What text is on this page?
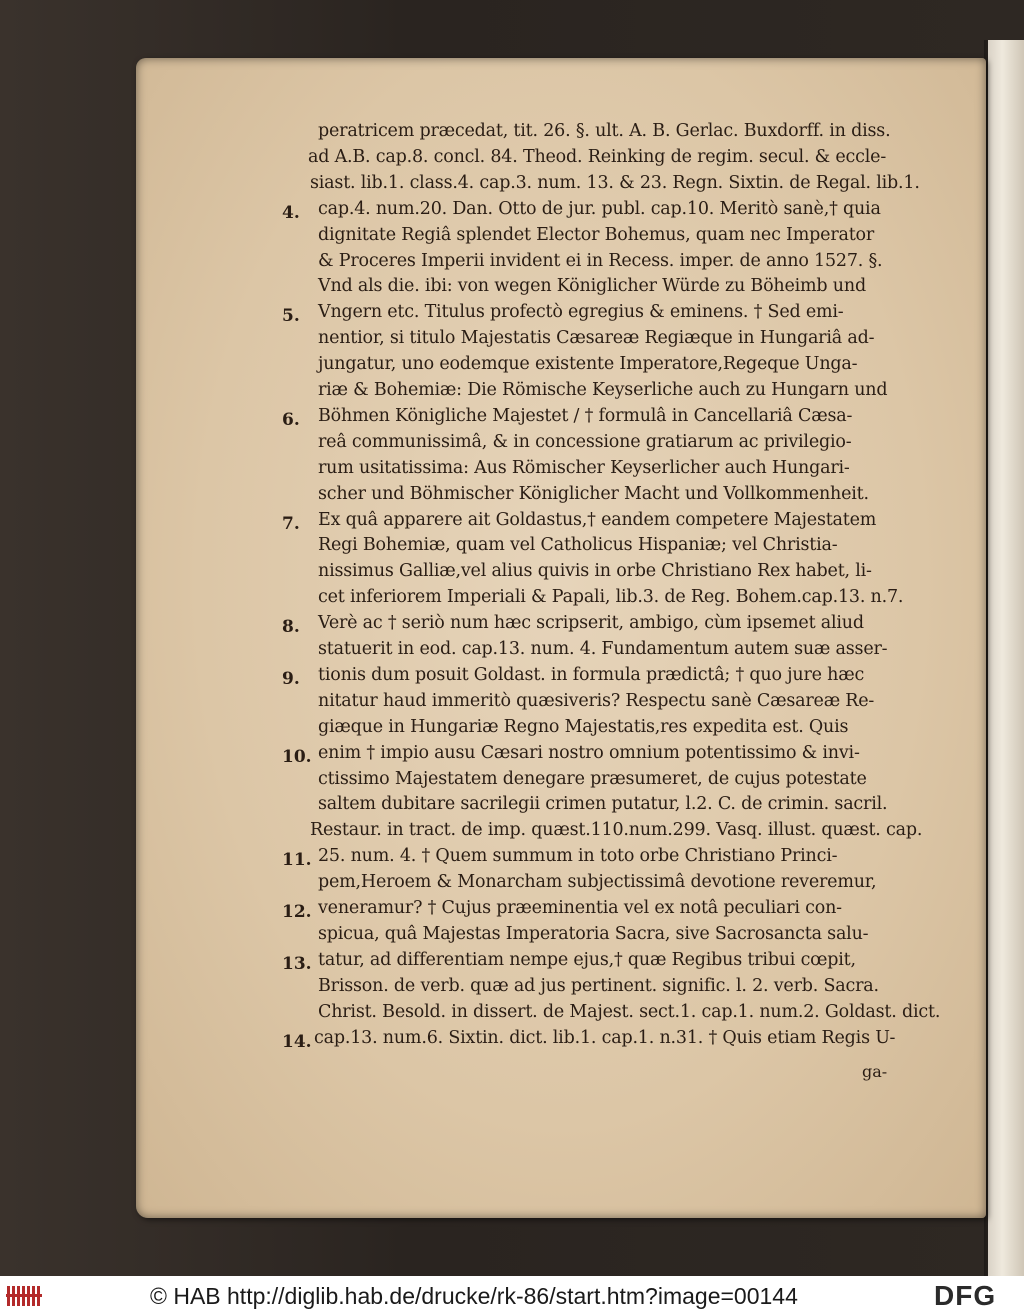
4.
5.
6.
7.
8.
9.
10.
11.
12.
13.
14.
peratricem præcedat, tit. 26. §. ult. A. B. Gerlac. Buxdorff. in diss.
ad A.B. cap.8. concl. 84. Theod. Reinking de regim. secul. & eccle-
siast. lib.1. class.4. cap.3. num. 13. & 23. Regn. Sixtin. de Regal. lib.1.
cap.4. num.20. Dan. Otto de jur. publ. cap.10. Meritò sanè,† quia
dignitate Regiâ splendet Elector Bohemus, quam nec Imperator
& Proceres Imperii invident ei in Recess. imper. de anno 1527. §.
Vnd als die. ibi: von wegen Königlicher Würde zu Böheimb und
Vngern etc. Titulus profectò egregius & eminens. † Sed emi-
nentior, si titulo Majestatis Cæsareæ Regiæque in Hungariâ ad-
jungatur, uno eodemque existente Imperatore,Regeque Unga-
riæ & Bohemiæ: Die Römische Keyserliche auch zu Hungarn und
Böhmen Königliche Majestet / † formulâ in Cancellariâ Cæsa-
reâ communissimâ, & in concessione gratiarum ac privilegio-
rum usitatissima: Aus Römischer Keyserlicher auch Hungari-
scher und Böhmischer Königlicher Macht und Vollkommenheit.
Ex quâ apparere ait Goldastus,† eandem competere Majestatem
Regi Bohemiæ, quam vel Catholicus Hispaniæ; vel Christia-
nissimus Galliæ,vel alius quivis in orbe Christiano Rex habet, li-
cet inferiorem Imperiali & Papali, lib.3. de Reg. Bohem.cap.13. n.7.
Verè ac † seriò num hæc scripserit, ambigo, cùm ipsemet aliud
statuerit in eod. cap.13. num. 4. Fundamentum autem suæ asser-
tionis dum posuit Goldast. in formula prædictâ; † quo jure hæc
nitatur haud immeritò quæsiveris? Respectu sanè Cæsareæ Re-
giæque in Hungariæ Regno Majestatis,res expedita est. Quis
enim † impio ausu Cæsari nostro omnium potentissimo & invi-
ctissimo Majestatem denegare præsumeret, de cujus potestate
saltem dubitare sacrilegii crimen putatur, l.2. C. de crimin. sacril.
Restaur. in tract. de imp. quæst.110.num.299. Vasq. illust. quæst. cap.
25. num. 4. † Quem summum in toto orbe Christiano Princi-
pem,Heroem & Monarcham subjectissimâ devotione reveremur,
veneramur? † Cujus præeminentia vel ex notâ peculiari con-
spicua, quâ Majestas Imperatoria Sacra, sive Sacrosancta salu-
tatur, ad differentiam nempe ejus,† quæ Regibus tribui cœpit,
Brisson. de verb. quæ ad jus pertinent. signific. l. 2. verb. Sacra.
Christ. Besold. in dissert. de Majest. sect.1. cap.1. num.2. Goldast. dict.
cap.13. num.6. Sixtin. dict. lib.1. cap.1. n.31. † Quis etiam Regis U-
ga-
© HAB http://diglib.hab.de/drucke/rk-86/start.htm?image=00144	DFG
